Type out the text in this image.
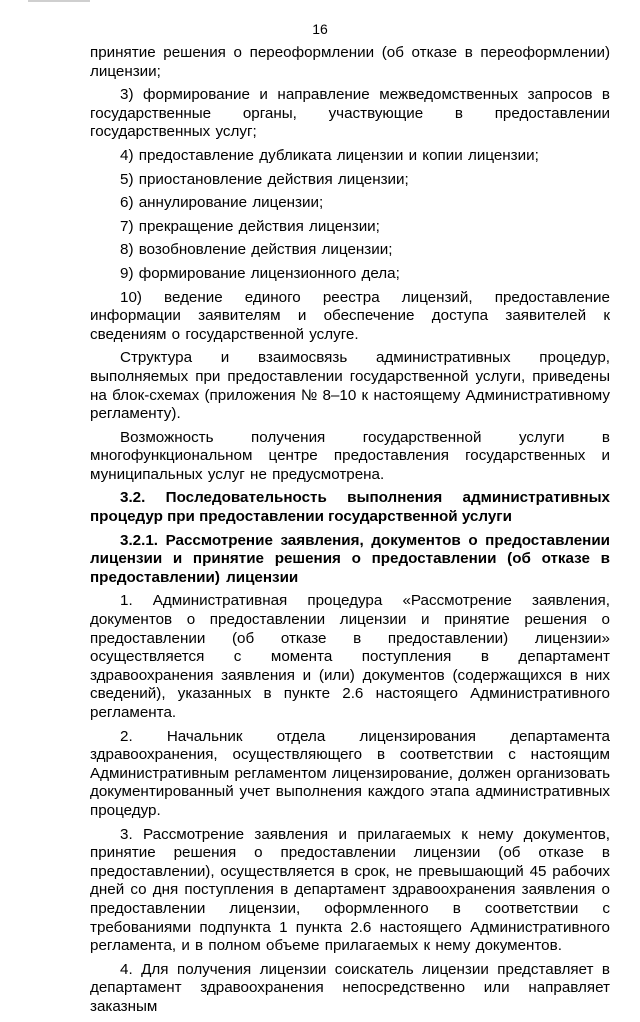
16

принятие решения о переоформлении (об отказе в переоформлении) лицензии;

3) формирование и направление межведомственных запросов в государственные органы, участвующие в предоставлении государственных услуг;

4) предоставление дубликата лицензии и копии лицензии;

5) приостановление действия лицензии;

6) аннулирование лицензии;

7) прекращение действия лицензии;

8) возобновление действия лицензии;

9) формирование лицензионного дела;

10) ведение единого реестра лицензий, предоставление информации заявителям и обеспечение доступа заявителей к сведениям о государственной услуге.

Структура и взаимосвязь административных процедур, выполняемых при предоставлении государственной услуги, приведены на блок-схемах (приложения № 8–10 к настоящему Административному регламенту).

Возможность получения государственной услуги в многофункциональном центре предоставления государственных и муниципальных услуг не предусмотрена.

3.2. Последовательность выполнения административных процедур при предоставлении государственной услуги

3.2.1. Рассмотрение заявления, документов о предоставлении лицензии и принятие решения о предоставлении (об отказе в предоставлении) лицензии

1. Административная процедура «Рассмотрение заявления, документов о предоставлении лицензии и принятие решения о предоставлении (об отказе в предоставлении) лицензии» осуществляется с момента поступления в департамент здравоохранения заявления и (или) документов (содержащихся в них сведений), указанных в пункте 2.6 настоящего Административного регламента.

2. Начальник отдела лицензирования департамента здравоохранения, осуществляющего в соответствии с настоящим Административным регламентом лицензирование, должен организовать документированный учет выполнения каждого этапа административных процедур.

3. Рассмотрение заявления и прилагаемых к нему документов, принятие решения о предоставлении лицензии (об отказе в предоставлении), осуществляется в срок, не превышающий 45 рабочих дней со дня поступления в департамент здравоохранения заявления о предоставлении лицензии, оформленного в соответствии с требованиями подпункта 1 пункта 2.6 настоящего Административного регламента, и в полном объеме прилагаемых к нему документов.

4. Для получения лицензии соискатель лицензии представляет в департамент здравоохранения непосредственно или направляет заказным
